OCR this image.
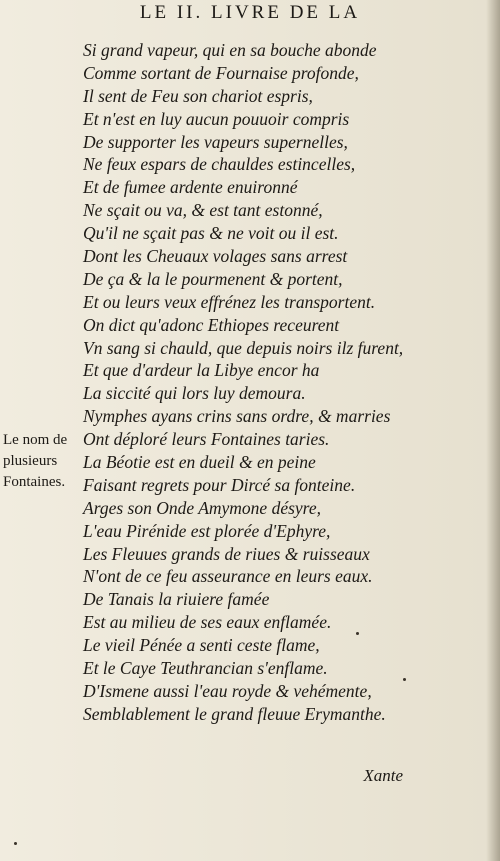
LE II. LIVRE DE LA
Si grand vapeur, qui en sa bouche abonde
Comme sortant de Fournaise profonde,
Il sent de Feu son chariot espris,
Et n'est en luy aucun pouuoir compris
De supporter les vapeurs supernelles,
Ne feux espars de chauldes estincelles,
Et de fumee ardente enuironné
Ne sçait ou va, & est tant estonné,
Qu'il ne sçait pas & ne voit ou il est.
Dont les Cheuaux volages sans arrest
De ça & la le pourmenent & portent,
Et ou leurs veux effrénez les transportent.
On dict qu'adonc Ethiopes receurent
Vn sang si chauld, que depuis noirs ilz furent,
Et que d'ardeur la Libye encor ha
La siccité qui lors luy demoura.
Nymphes ayans crins sans ordre, & marries
Ont déploré leurs Fontaines taries.
La Béotie est en dueil & en peine
Faisant regrets pour Dircé sa fonteine.
Arges son Onde Amymone désyre,
L'eau Pirénide est plorée d'Ephyre,
Les Fleuues grands de riues & ruisseaux
N'ont de ce feu asseurance en leurs eaux.
De Tanais la riuiere famée
Est au milieu de ses eaux enflamée.
Le vieil Pénée a senti ceste flame,
Et le Caye Teuthrancian s'enflame.
D'Ismene aussi l'eau royde & vehémente,
Semblablement le grand fleuue Erymanthe.
Le nom de
plusieurs
Fontaines.
Xante
